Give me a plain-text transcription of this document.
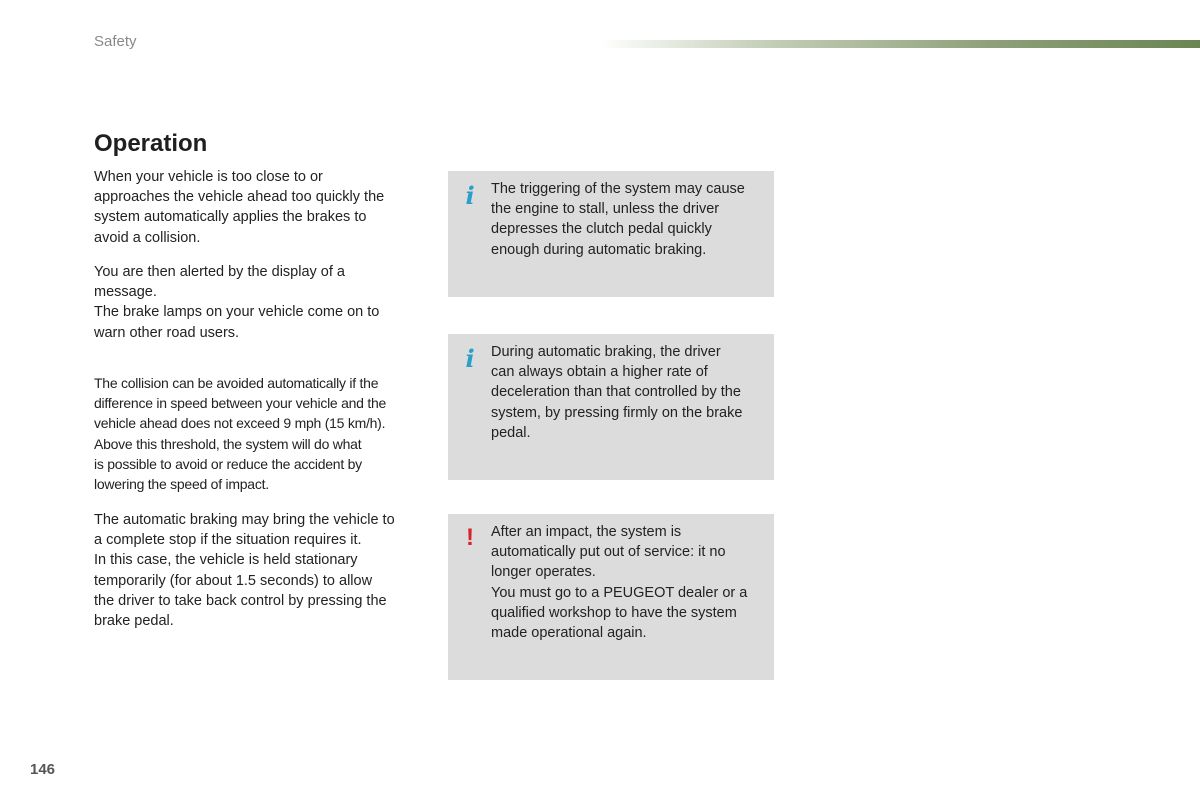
Safety
Operation

When your vehicle is too close to or
approaches the vehicle ahead too quickly the
system automatically applies the brakes to
avoid a collision.

You are then alerted by the display of a
message.
The brake lamps on your vehicle come on to
warn other road users.

The collision can be avoided automatically if the
difference in speed between your vehicle and the
vehicle ahead does not exceed 9 mph (15 km/h).
Above this threshold, the system will do what
is possible to avoid or reduce the accident by
lowering the speed of impact.

The automatic braking may bring the vehicle to
a complete stop if the situation requires it.
In this case, the vehicle is held stationary
temporarily (for about 1.5 seconds) to allow
the driver to take back control by pressing the
brake pedal.

i The triggering of the system may cause
the engine to stall, unless the driver
depresses the clutch pedal quickly
enough during automatic braking.
i During automatic braking, the driver
can always obtain a higher rate of
deceleration than that controlled by the
system, by pressing firmly on the brake
pedal.
! After an impact, the system is
automatically put out of service: it no
longer operates.
You must go to a PEUGEOT dealer or a
qualified workshop to have the system
made operational again.
146
